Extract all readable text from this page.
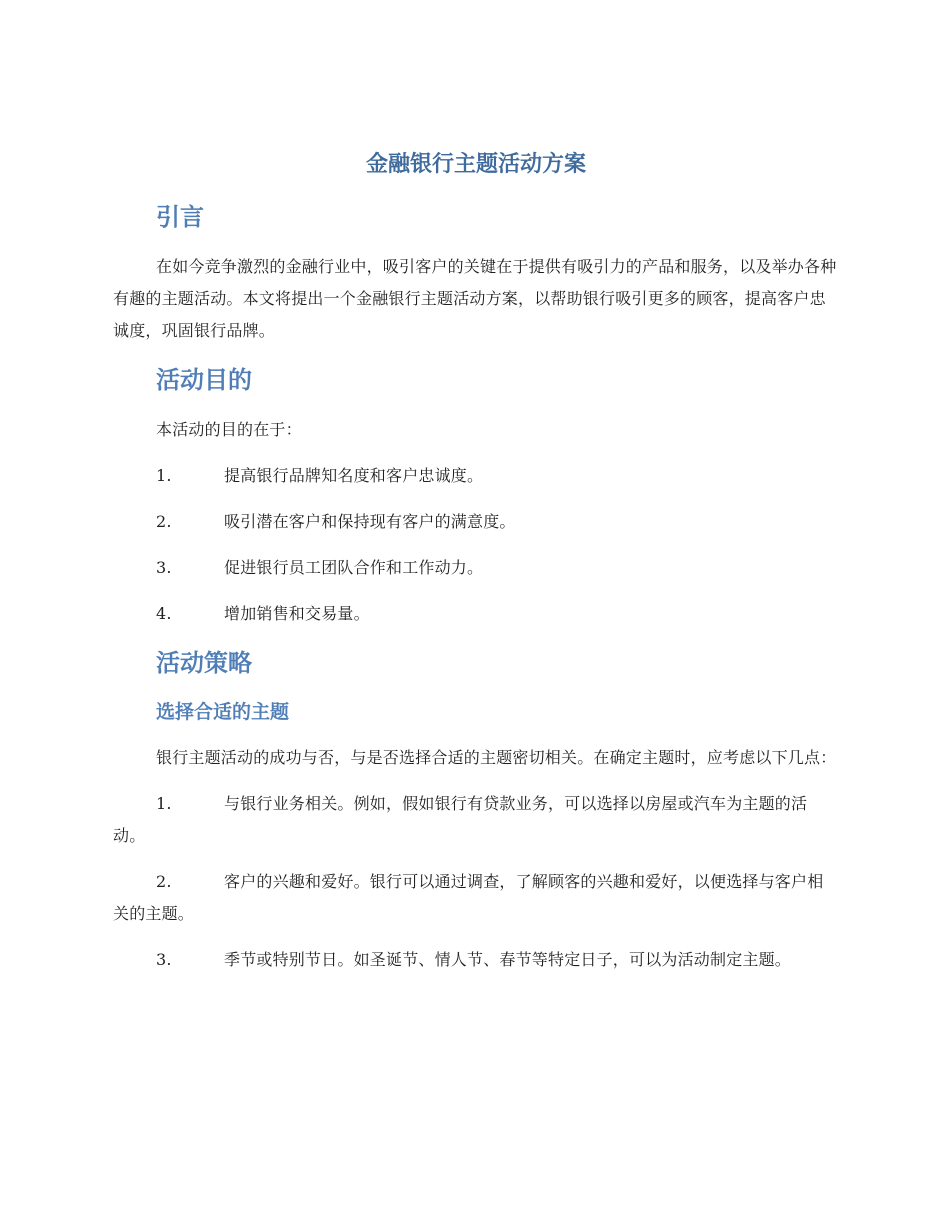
金融银行主题活动方案
引言

在如今竞争激烈的金融行业中，吸引客户的关键在于提供有吸引力的产品和服务，以及举办各种有趣的主题活动。本文将提出一个金融银行主题活动方案，以帮助银行吸引更多的顾客，提高客户忠诚度，巩固银行品牌。

活动目的

本活动的目的在于：

1.	提高银行品牌知名度和客户忠诚度。
2.	吸引潜在客户和保持现有客户的满意度。
3.	促进银行员工团队合作和工作动力。
4.	增加销售和交易量。
活动策略
选择合适的主题

银行主题活动的成功与否，与是否选择合适的主题密切相关。在确定主题时，应考虑以下几点：

1.	与银行业务相关。例如，假如银行有贷款业务，可以选择以房屋或汽车为主题的活动。
2.	客户的兴趣和爱好。银行可以通过调查，了解顾客的兴趣和爱好，以便选择与客户相关的主题。
3.	季节或特别节日。如圣诞节、情人节、春节等特定日子，可以为活动制定主题。
